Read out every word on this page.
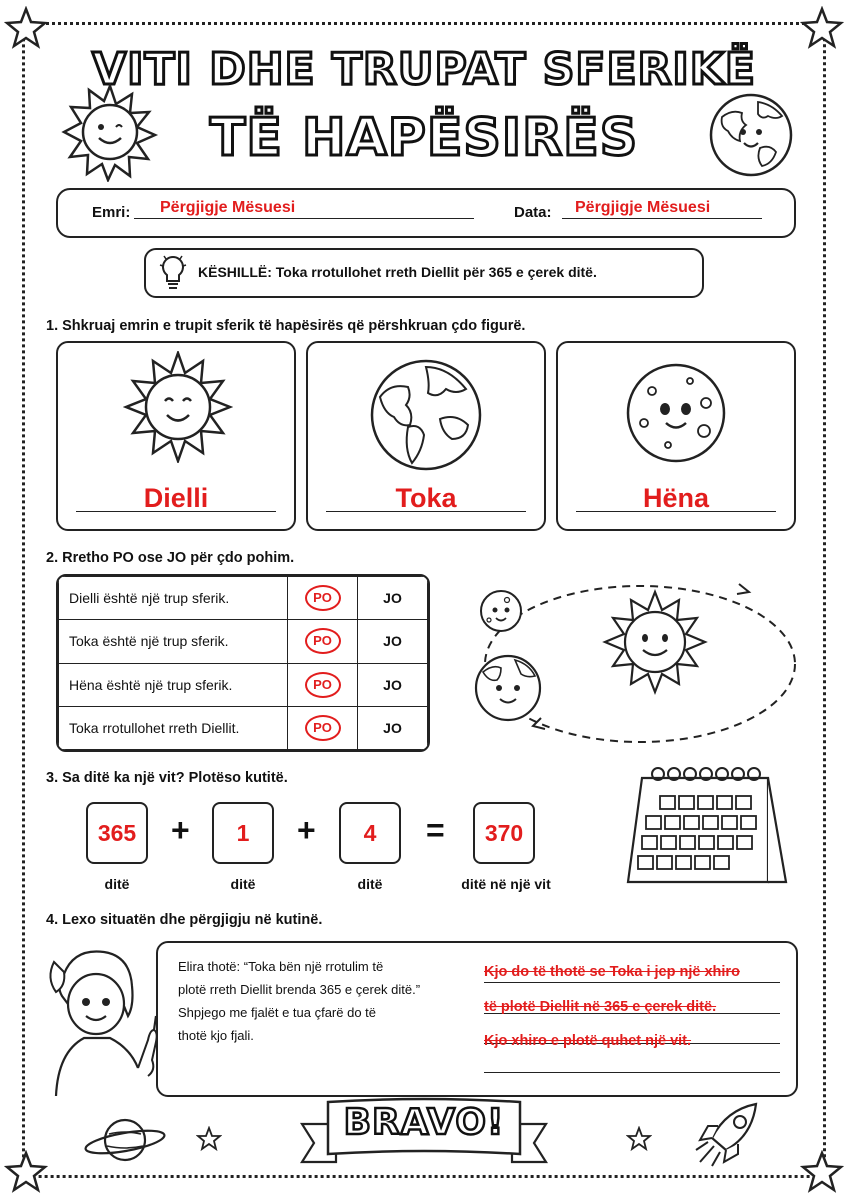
VITI DHE TRUPAT SFERIKË
TË HAPËSIRËS
Emri: Përgjigje Mësuesi	Data: Përgjigje Mësuesi
KËSHILLË: Toka rrotullohet rreth Diellit për 365 e çerek ditë.
1. Shkruaj emrin e trupit sferik të hapësirës që përshkruan çdo figurë.
Dielli	Toka	Hëna
2. Rretho PO ose JO për çdo pohim.
Dielli është një trup sferik.	PO	JO
Toka është një trup sferik.	PO	JO
Hëna është një trup sferik.	PO	JO
Toka rrotullohet rreth Diellit.	PO	JO
3. Sa ditë ka një vit? Plotëso kutitë.
365	+	1	+	4	=	370
ditë	ditë	ditë	ditë në një vit
4. Lexo situatën dhe përgjigju në kutinë.
Elira thotë: “Toka bën një rrotulim të
plotë rreth Diellit brenda 365 e çerek ditë.”
Shpjego me fjalët e tua çfarë do të
thotë kjo fjali.
Kjo do të thotë se Toka i jep një xhiro
të plotë Diellit në 365 e çerek ditë.
Kjo xhiro e plotë quhet një vit.
BRAVO!
